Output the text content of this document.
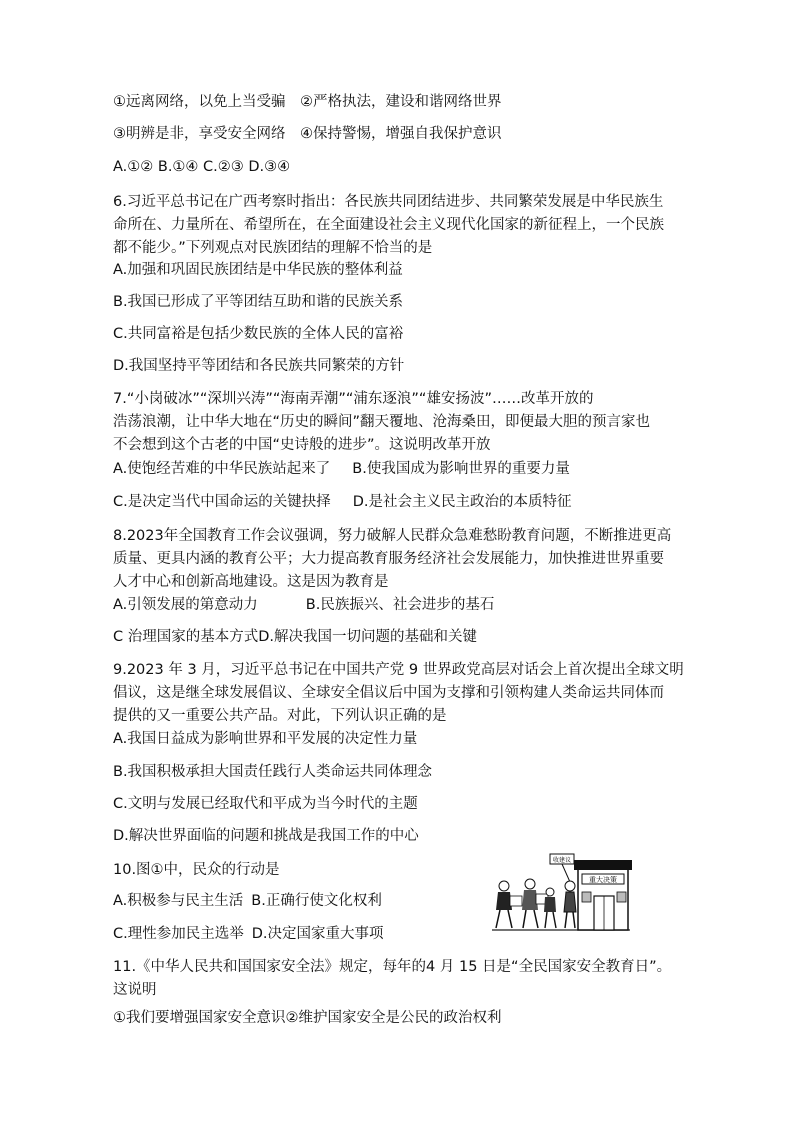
①远离网络，以免上当受骗　②严格执法，建设和谐网络世界
③明辨是非，享受安全网络　④保持警惕，增强自我保护意识
A.①② B.①④ C.②③ D.③④
6.习近平总书记在广西考察时指出：各民族共同团结进步、共同繁荣发展是中华民族生
命所在、力量所在、希望所在，在全面建设社会主义现代化国家的新征程上，一个民族
都不能少。”下列观点对民族团结的理解不恰当的是
A.加强和巩固民族团结是中华民族的整体利益
B.我国已形成了平等团结互助和谐的民族关系
C.共同富裕是包括少数民族的全体人民的富裕
D.我国坚持平等团结和各民族共同繁荣的方针
7.“小岗破冰”“深圳兴涛”“海南弄潮”“浦东逐浪”“雄安扬波”……改革开放的
浩荡浪潮，让中华大地在“历史的瞬间”翻天覆地、沧海桑田，即便最大胆的预言家也
不会想到这个古老的中国“史诗般的进步”。这说明改革开放
A.使饱经苦难的中华民族站起来了 B.使我国成为影响世界的重要力量
C.是决定当代中国命运的关键抉择 D.是社会主义民主政治的本质特征
8.2023年全国教育工作会议强调，努力破解人民群众急难愁盼教育问题，不断推进更高
质量、更具内涵的教育公平；大力提高教育服务经济社会发展能力，加快推进世界重要
人才中心和创新高地建设。这是因为教育是
A.引领发展的第意动力	B.民族振兴、社会进步的基石
C 治理国家的基本方式D.解决我国一切问题的基础和关键
9.2023 年 3 月，习近平总书记在中国共产党 9 世界政党高层对话会上首次提出全球文明
倡议，这是继全球发展倡议、全球安全倡议后中国为支撑和引领构建人类命运共同体而
提供的又一重要公共产品。对此，下列认识正确的是
A.我国日益成为影响世界和平发展的决定性力量
B.我国积极承担大国责任践行人类命运共同体理念
C.文明与发展已经取代和平成为当今时代的主题
D.解决世界面临的问题和挑战是我国工作的中心
10.图①中，民众的行动是
A.积极参与民主生活 B.正确行使文化权利
C.理性参加民主选举 D.决定国家重大事项
重大决策
收建议
11.《中华人民共和国国家安全法》规定，每年的4 月 15 日是“全民国家安全教育日”。
这说明
①我们要增强国家安全意识②维护国家安全是公民的政治权利
